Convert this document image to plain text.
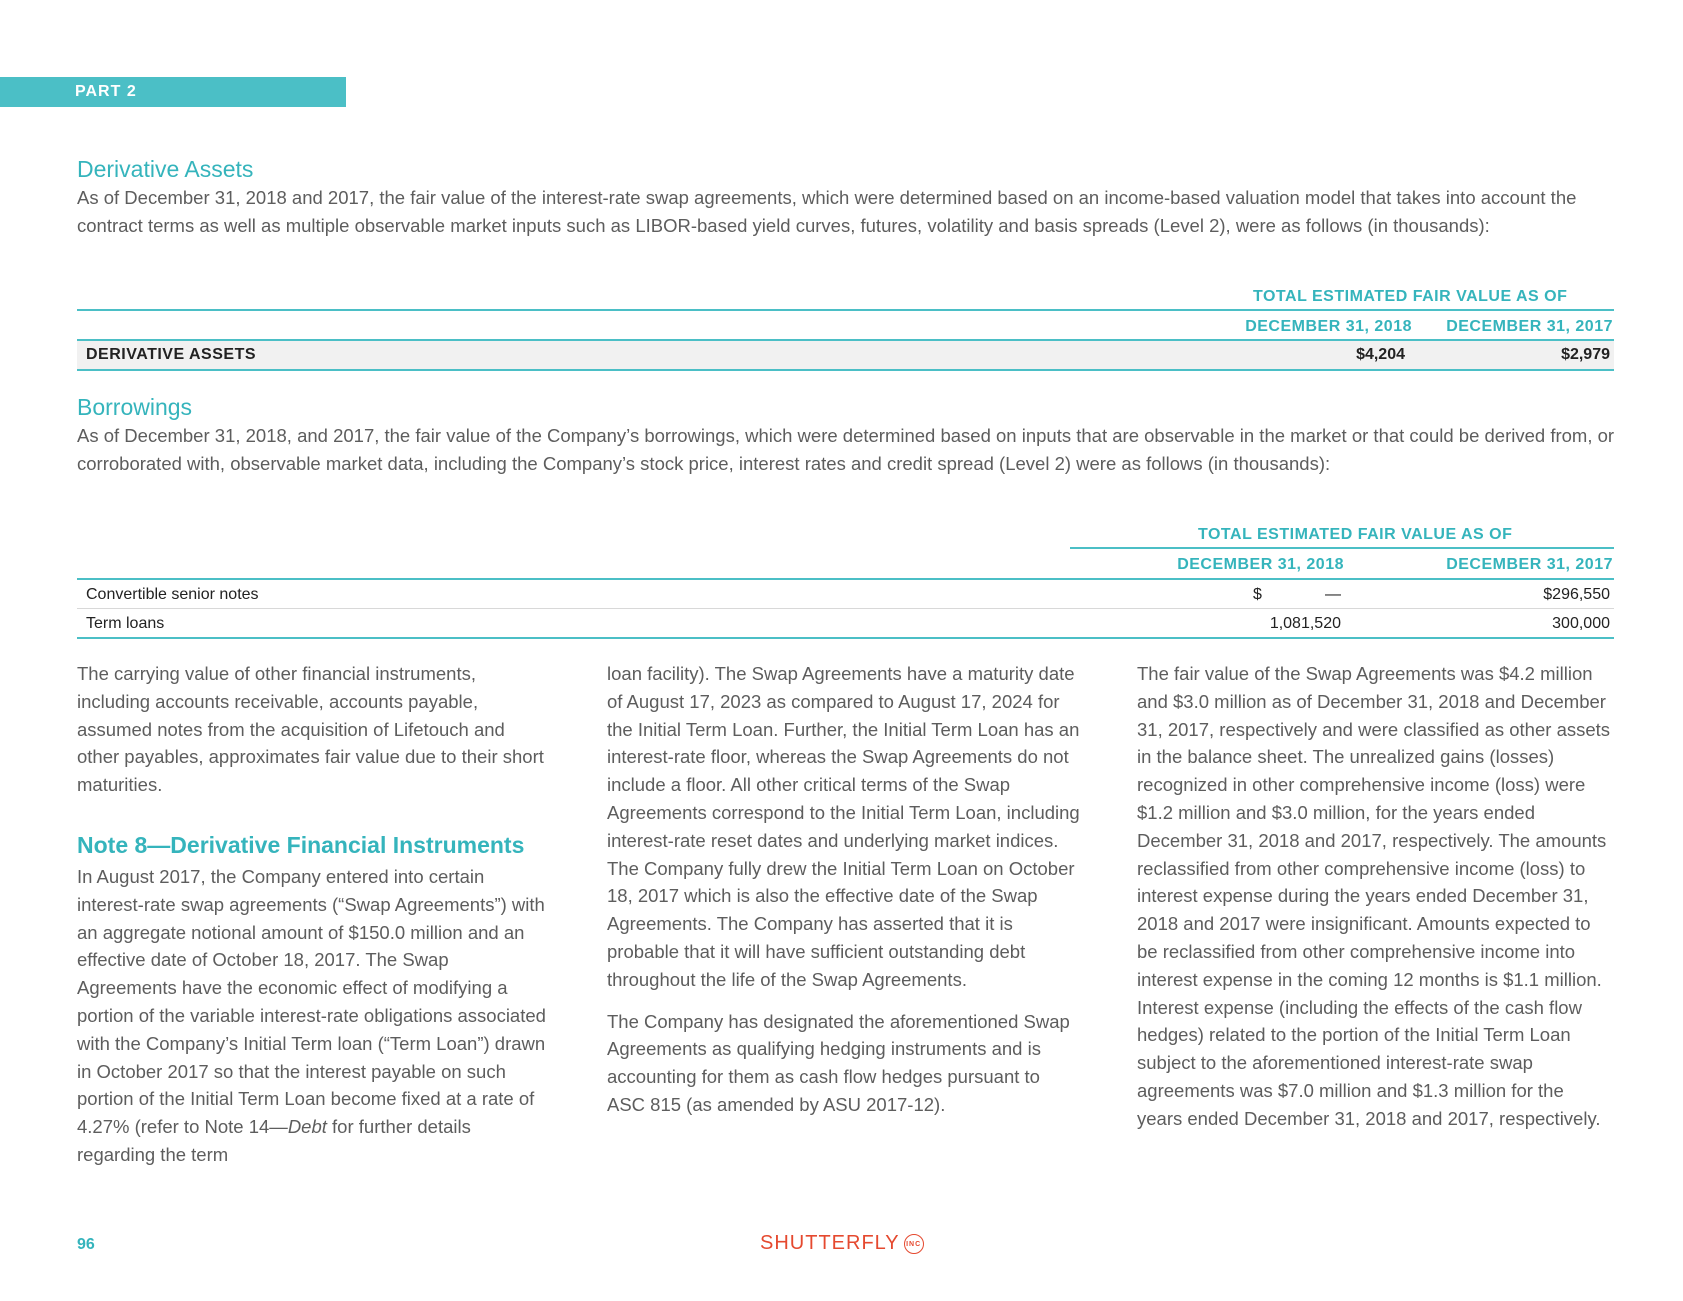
PART 2
Derivative Assets

As of December 31, 2018 and 2017, the fair value of the interest-rate swap agreements, which were determined based on an income-based valuation model that takes into account the contract terms as well as multiple observable market inputs such as LIBOR-based yield curves, futures, volatility and basis spreads (Level 2), were as follows (in thousands):

TOTAL ESTIMATED FAIR VALUE AS OF
DECEMBER 31, 2018 DECEMBER 31, 2017
DERIVATIVE ASSETS	$4,204	$2,979
Borrowings

As of December 31, 2018, and 2017, the fair value of the Company’s borrowings, which were determined based on inputs that are observable in the market or that could be derived from, or corroborated with, observable market data, including the Company’s stock price, interest rates and credit spread (Level 2) were as follows (in thousands):

TOTAL ESTIMATED FAIR VALUE AS OF
DECEMBER 31, 2018	DECEMBER 31, 2017
Convertible senior notes	$	—	$296,550
Term loans	1,081,520	300,000

The carrying value of other financial instruments, including accounts receivable, accounts payable, assumed notes from the acquisition of Lifetouch and other payables, approximates fair value due to their short maturities.

Note 8—Derivative Financial Instruments

In August 2017, the Company entered into certain interest-rate swap agreements (“Swap Agreements”) with an aggregate notional amount of $150.0 million and an effective date of October 18, 2017. The Swap Agreements have the economic effect of modifying a portion of the variable interest-rate obligations associated with the Company’s Initial Term loan (“Term Loan”) drawn in October 2017 so that the interest payable on such portion of the Initial Term Loan become fixed at a rate of 4.27% (refer to Note 14—Debt for further details regarding the term

loan facility). The Swap Agreements have a maturity date of August 17, 2023 as compared to August 17, 2024 for the Initial Term Loan. Further, the Initial Term Loan has an interest-rate floor, whereas the Swap Agreements do not include a floor. All other critical terms of the Swap Agreements correspond to the Initial Term Loan, including interest-rate reset dates and underlying market indices. The Company fully drew the Initial Term Loan on October 18, 2017 which is also the effective date of the Swap Agreements. The Company has asserted that it is probable that it will have sufficient outstanding debt throughout the life of the Swap Agreements.

The Company has designated the aforementioned Swap Agreements as qualifying hedging instruments and is accounting for them as cash flow hedges pursuant to ASC 815 (as amended by ASU 2017-12).

The fair value of the Swap Agreements was $4.2 million and $3.0 million as of December 31, 2018 and December 31, 2017, respectively and were classified as other assets in the balance sheet. The unrealized gains (losses) recognized in other comprehensive income (loss) were $1.2 million and $3.0 million, for the years ended December 31, 2018 and 2017, respectively. The amounts reclassified from other comprehensive income (loss) to interest expense during the years ended December 31, 2018 and 2017 were insignificant. Amounts expected to be reclassified from other comprehensive income into interest expense in the coming 12 months is $1.1 million. Interest expense (including the effects of the cash flow hedges) related to the portion of the Initial Term Loan subject to the aforementioned interest-rate swap agreements was $7.0 million and $1.3 million for the years ended December 31, 2018 and 2017, respectively.

96	SHUTTERFLY INC
